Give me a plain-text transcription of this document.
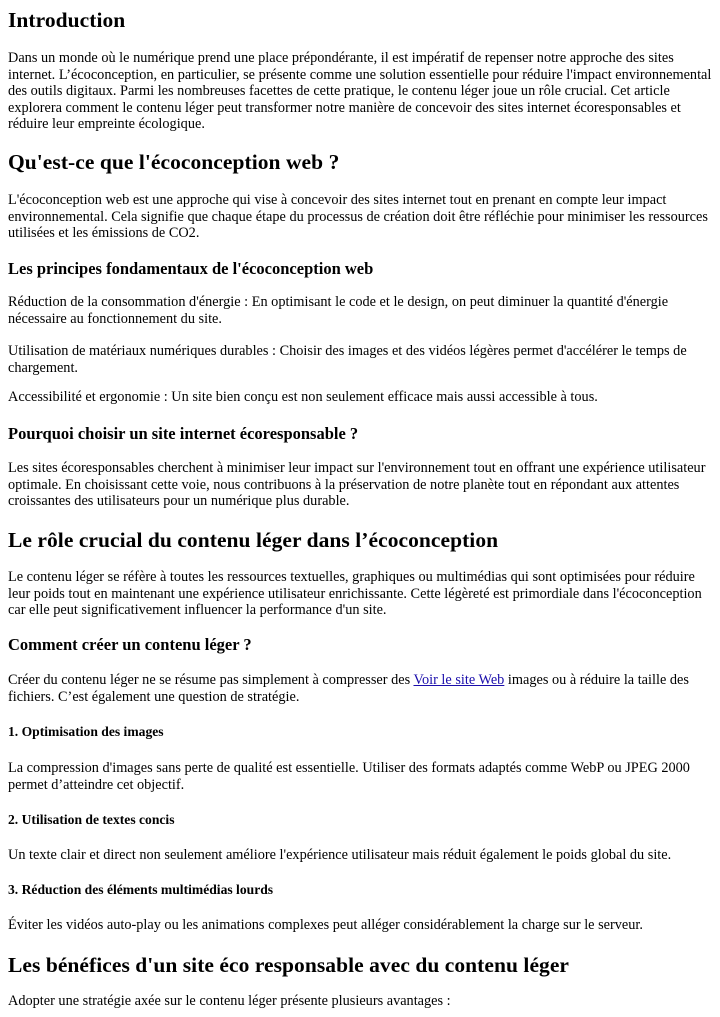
Introduction

Dans un monde où le numérique prend une place prépondérante, il est impératif de repenser notre approche des sites internet. L’écoconception, en particulier, se présente comme une solution essentielle pour réduire l'impact environnemental des outils digitaux. Parmi les nombreuses facettes de cette pratique, le contenu léger joue un rôle crucial. Cet article explorera comment le contenu léger peut transformer notre manière de concevoir des sites internet écoresponsables et réduire leur empreinte écologique.

Qu'est-ce que l'écoconception web ?

L'écoconception web est une approche qui vise à concevoir des sites internet tout en prenant en compte leur impact environnemental. Cela signifie que chaque étape du processus de création doit être réfléchie pour minimiser les ressources utilisées et les émissions de CO2.

Les principes fondamentaux de l'écoconception web

Réduction de la consommation d'énergie : En optimisant le code et le design, on peut diminuer la quantité d'énergie nécessaire au fonctionnement du site.

Utilisation de matériaux numériques durables : Choisir des images et des vidéos légères permet d'accélérer le temps de chargement.

Accessibilité et ergonomie : Un site bien conçu est non seulement efficace mais aussi accessible à tous.

Pourquoi choisir un site internet écoresponsable ?

Les sites écoresponsables cherchent à minimiser leur impact sur l'environnement tout en offrant une expérience utilisateur optimale. En choisissant cette voie, nous contribuons à la préservation de notre planète tout en répondant aux attentes croissantes des utilisateurs pour un numérique plus durable.

Le rôle crucial du contenu léger dans l’écoconception

Le contenu léger se réfère à toutes les ressources textuelles, graphiques ou multimédias qui sont optimisées pour réduire leur poids tout en maintenant une expérience utilisateur enrichissante. Cette légèreté est primordiale dans l'écoconception car elle peut significativement influencer la performance d'un site.

Comment créer un contenu léger ?

Créer du contenu léger ne se résume pas simplement à compresser des Voir le site Web images ou à réduire la taille des fichiers. C’est également une question de stratégie.

1. Optimisation des images

La compression d'images sans perte de qualité est essentielle. Utiliser des formats adaptés comme WebP ou JPEG 2000 permet d’atteindre cet objectif.

2. Utilisation de textes concis

Un texte clair et direct non seulement améliore l'expérience utilisateur mais réduit également le poids global du site.

3. Réduction des éléments multimédias lourds

Éviter les vidéos auto-play ou les animations complexes peut alléger considérablement la charge sur le serveur.

Les bénéfices d'un site éco responsable avec du contenu léger

Adopter une stratégie axée sur le contenu léger présente plusieurs avantages :
